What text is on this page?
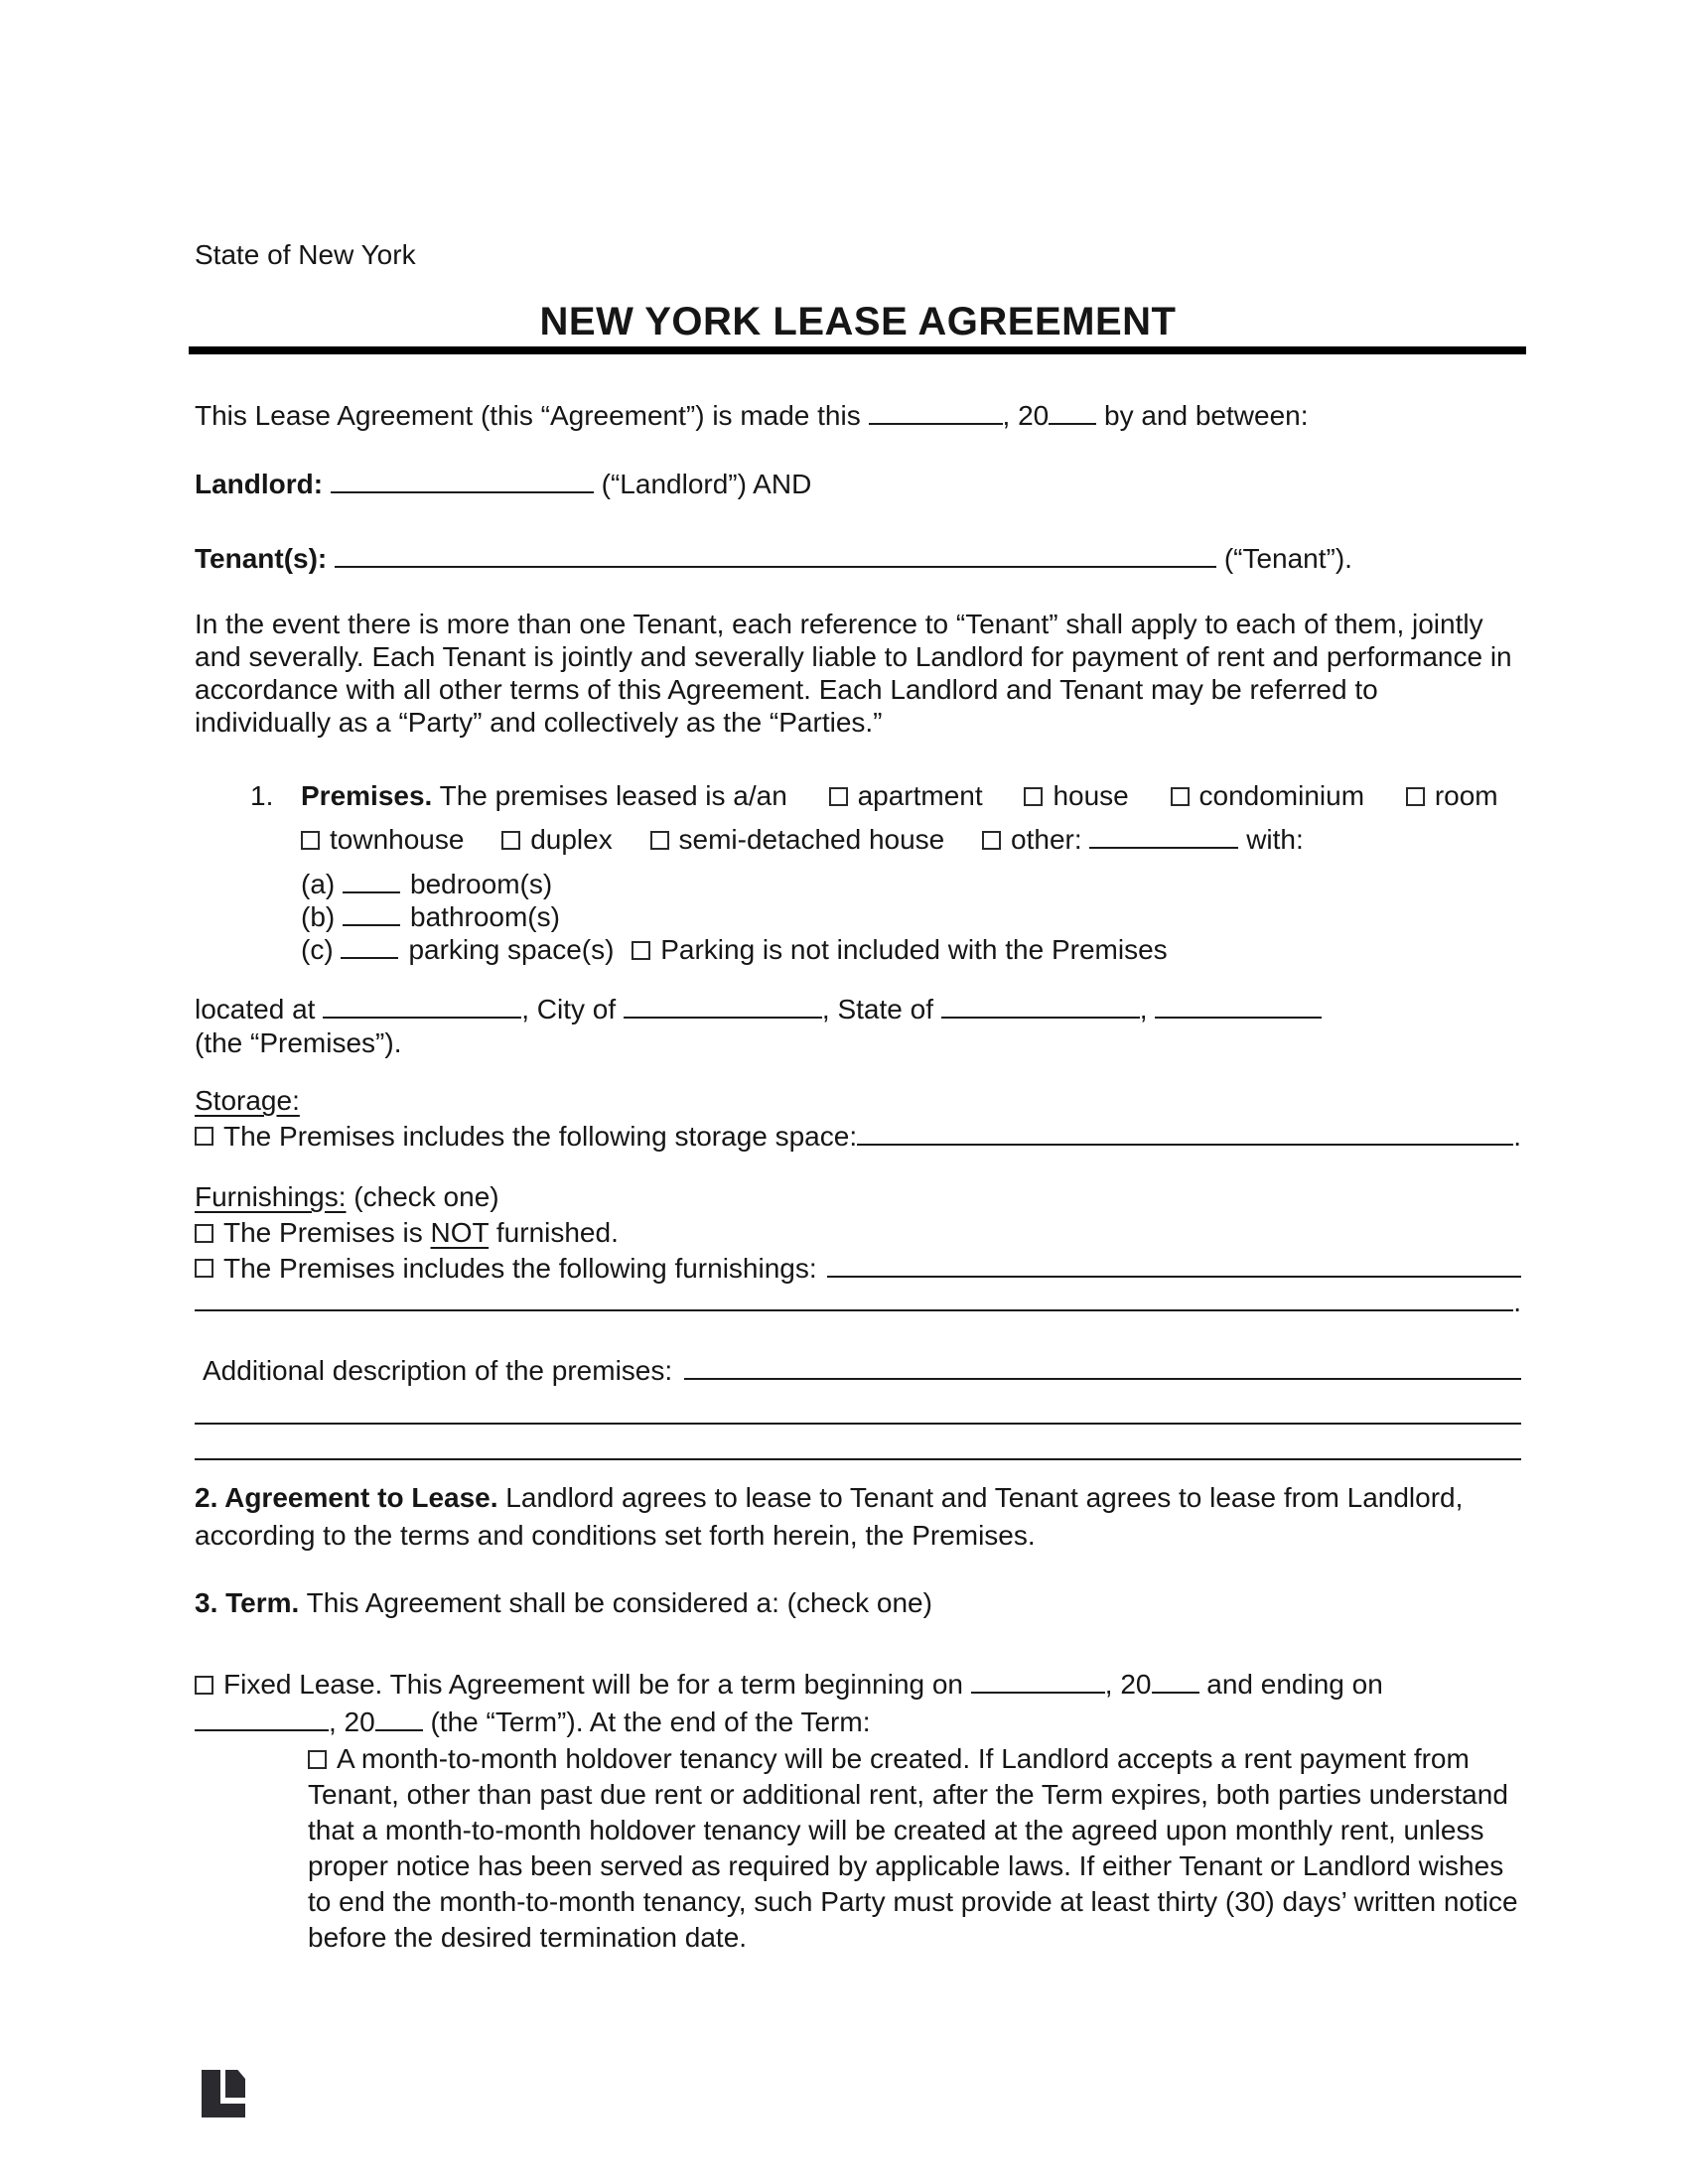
State of New York
NEW YORK LEASE AGREEMENT
This Lease Agreement (this “Agreement”) is made this	, 20 by and between:
Landlord:	(“Landlord”) AND
Tenant(s):	(“Tenant”).
In the event there is more than one Tenant, each reference to “Tenant” shall apply to each of them, jointly and severally. Each Tenant is jointly and severally liable to Landlord for payment of rent and performance in accordance with all other terms of this Agreement. Each Landlord and Tenant may be referred to individually as a “Party” and collectively as the “Parties.”
1. Premises. The premises leased is a/an	apartment	house	condominium	room
townhouse duplex semi-detached house other:	with:
(a)	bedroom(s)
(b)	bathroom(s)
(c)	parking space(s) Parking is not included with the Premises
located at	, City of	, State of	,
(the “Premises”).
Storage:
The Premises includes the following storage space:	.
Furnishings: (check one)
The Premises is NOT furnished.
The Premises includes the following furnishings:
.
Additional description of the premises:
2. Agreement to Lease. Landlord agrees to lease to Tenant and Tenant agrees to lease from Landlord, according to the terms and conditions set forth herein, the Premises.
3. Term. This Agreement shall be considered a: (check one)
Fixed Lease. This Agreement will be for a term beginning on	, 20 and ending on
, 20 (the “Term”). At the end of the Term:
A month-to-month holdover tenancy will be created. If Landlord accepts a rent payment from Tenant, other than past due rent or additional rent, after the Term expires, both parties understand that a month-to-month holdover tenancy will be created at the agreed upon monthly rent, unless proper notice has been served as required by applicable laws. If either Tenant or Landlord wishes to end the month-to-month tenancy, such Party must provide at least thirty (30) days’ written notice before the desired termination date.
